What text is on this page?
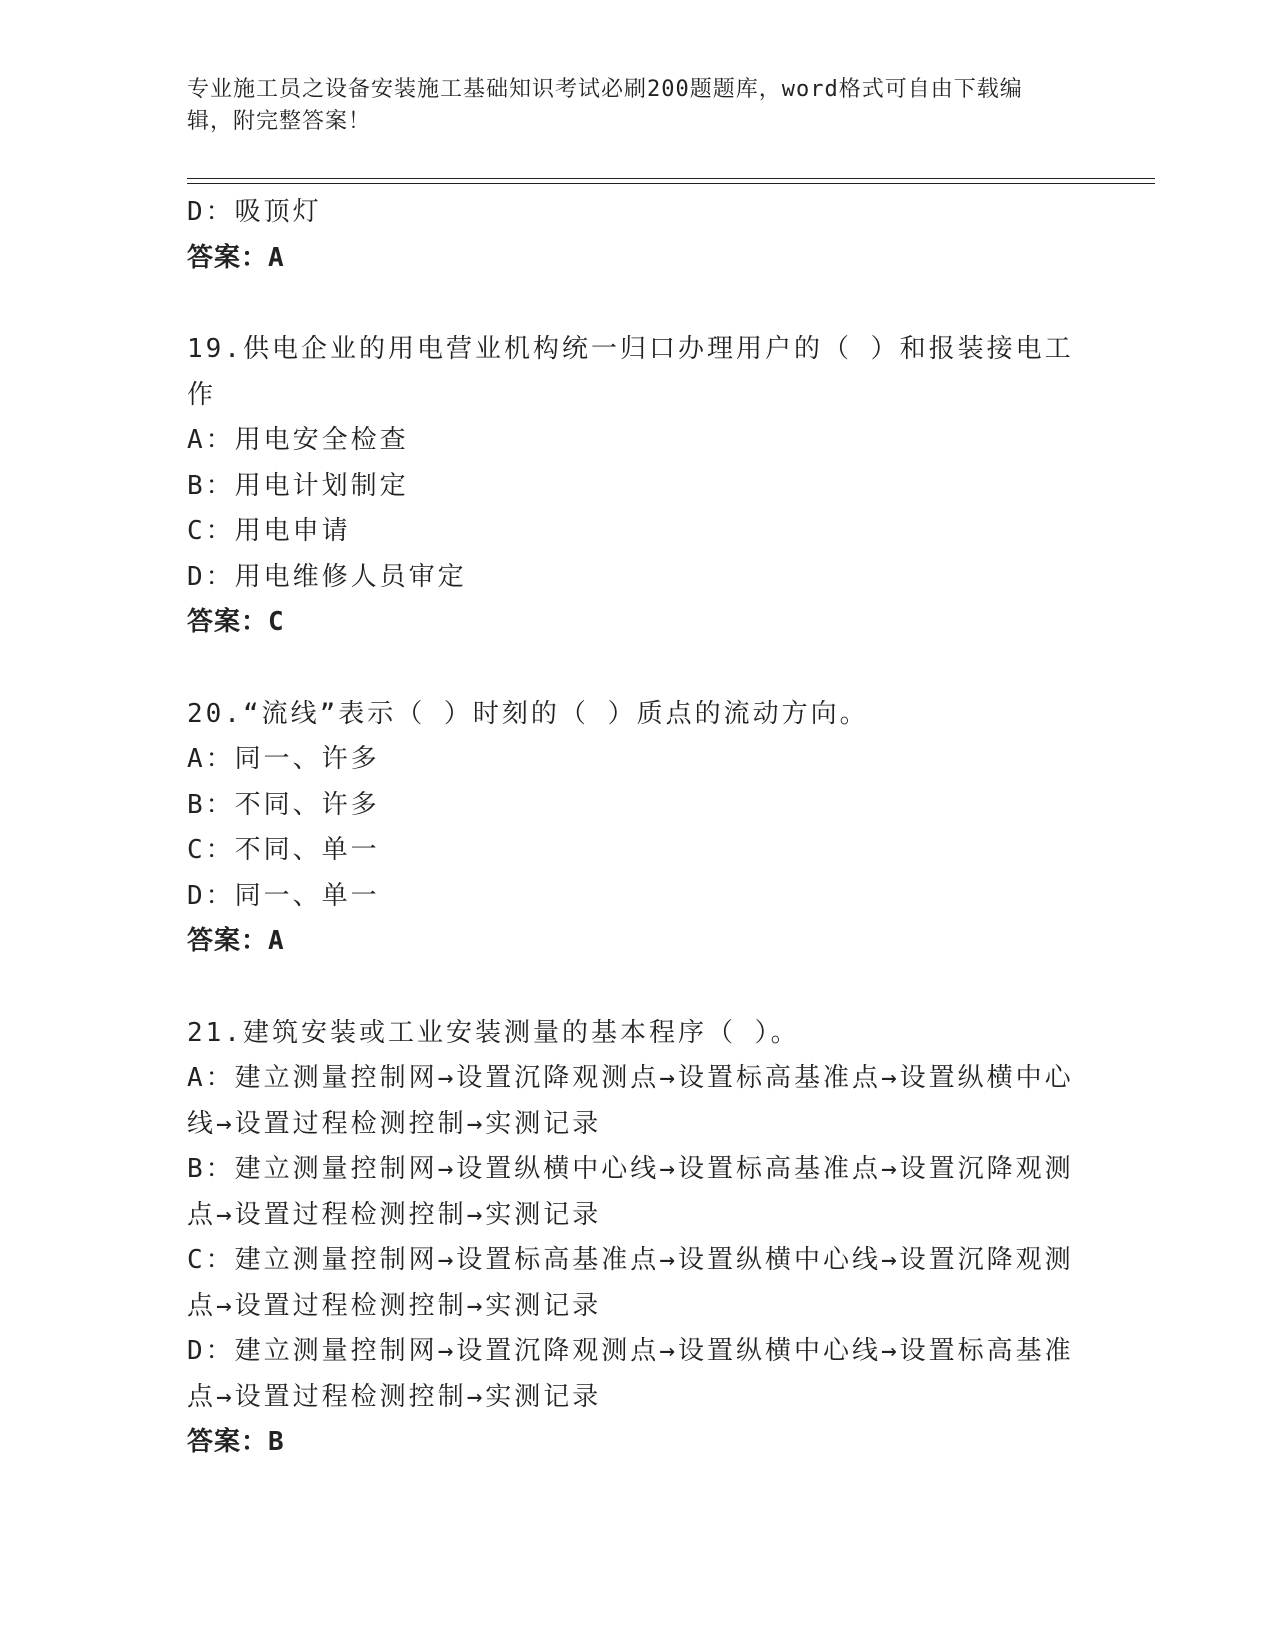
专业施工员之设备安装施工基础知识考试必刷200题题库，word格式可自由下载编辑，附完整答案！
D：吸顶灯
答案：A
19.供电企业的用电营业机构统一归口办理用户的（ ）和报装接电工作
A：用电安全检查
B：用电计划制定
C：用电申请
D：用电维修人员审定
答案：C
20.“流线”表示（ ）时刻的（ ）质点的流动方向。
A：同一、许多
B：不同、许多
C：不同、单一
D：同一、单一
答案：A
21.建筑安装或工业安装测量的基本程序（ ）。
A：建立测量控制网→设置沉降观测点→设置标高基准点→设置纵横中心线→设置过程检测控制→实测记录
B：建立测量控制网→设置纵横中心线→设置标高基准点→设置沉降观测点→设置过程检测控制→实测记录
C：建立测量控制网→设置标高基准点→设置纵横中心线→设置沉降观测点→设置过程检测控制→实测记录
D：建立测量控制网→设置沉降观测点→设置纵横中心线→设置标高基准点→设置过程检测控制→实测记录
答案：B
